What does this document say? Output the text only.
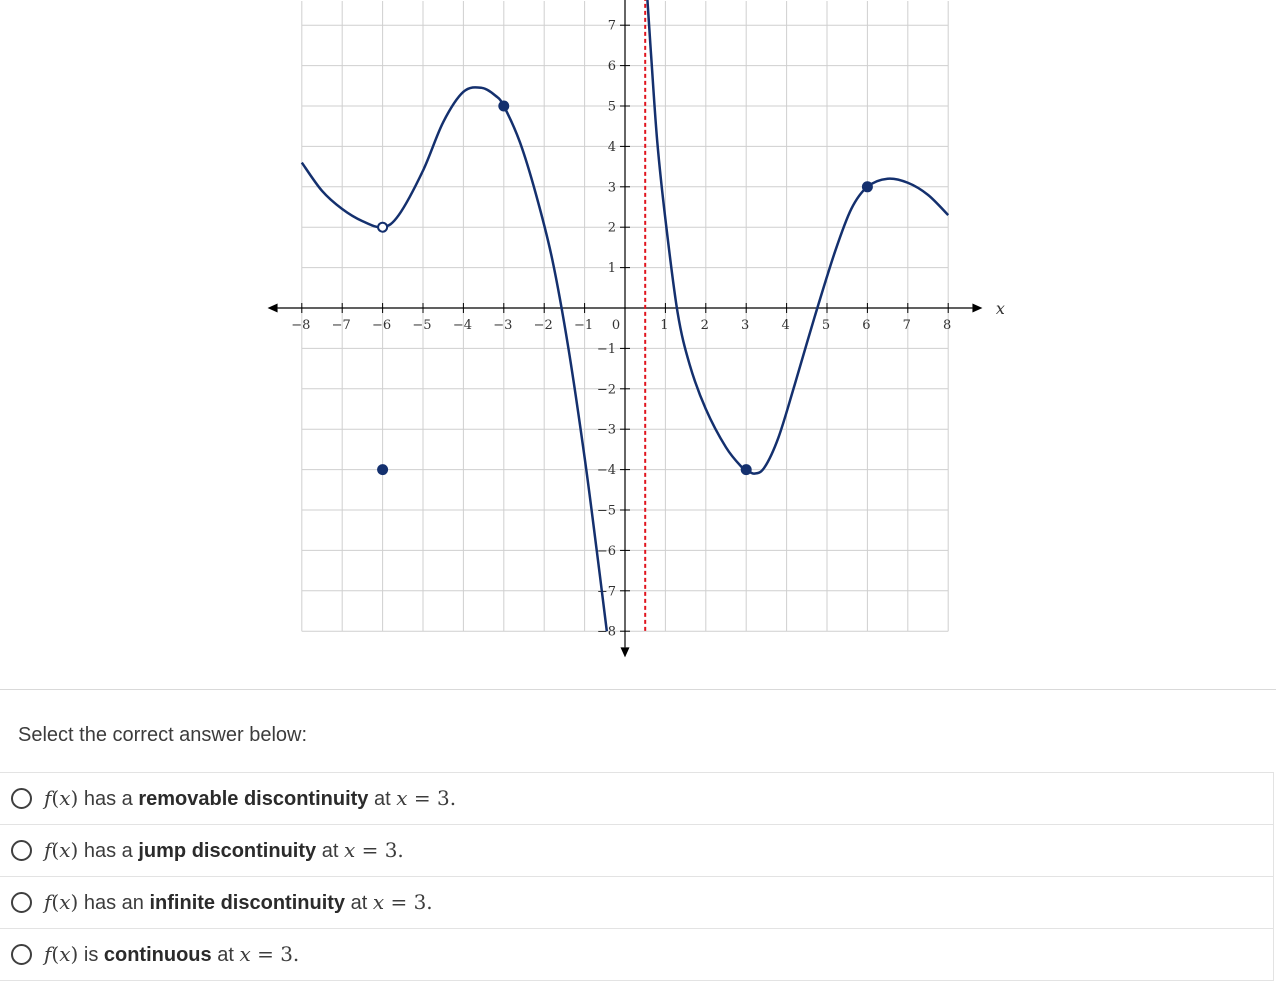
−8 −7 −6 −5 −4 −3 −2 −1 0	1 2 3 4 5 6 7 8
7
6
5
4
3
2
1
−1
−2
−3
−4
−5
−6
−7
−8
x
Select the correct answer below:
f(x) has a removable discontinuity at x = 3.
f(x) has a jump discontinuity at x = 3.
f(x) has an infinite discontinuity at x = 3.
f(x) is continuous at x = 3.
